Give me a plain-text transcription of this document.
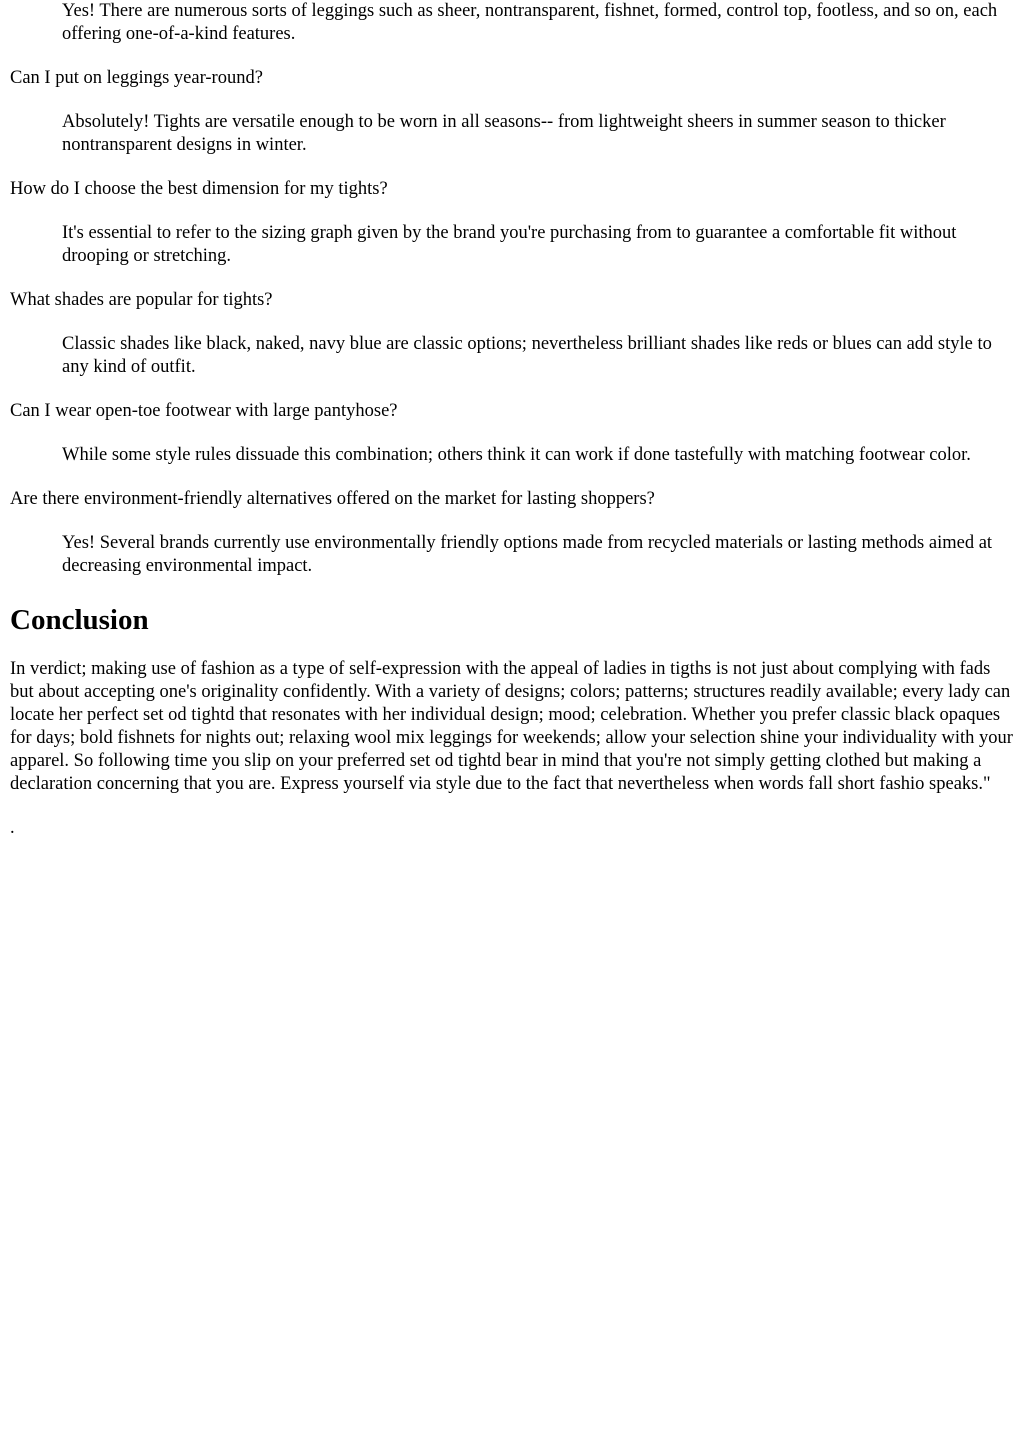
Yes! There are numerous sorts of leggings such as sheer, nontransparent, fishnet, formed, control top, footless, and so on, each offering one-of-a-kind features.
Can I put on leggings year-round?
Absolutely! Tights are versatile enough to be worn in all seasons-- from lightweight sheers in summer season to thicker nontransparent designs in winter.
How do I choose the best dimension for my tights?
It's essential to refer to the sizing graph given by the brand you're purchasing from to guarantee a comfortable fit without drooping or stretching.
What shades are popular for tights?
Classic shades like black, naked, navy blue are classic options; nevertheless brilliant shades like reds or blues can add style to any kind of outfit.
Can I wear open-toe footwear with large pantyhose?
While some style rules dissuade this combination; others think it can work if done tastefully with matching footwear color.
Are there environment-friendly alternatives offered on the market for lasting shoppers?
Yes! Several brands currently use environmentally friendly options made from recycled materials or lasting methods aimed at decreasing environmental impact.
Conclusion

In verdict; making use of fashion as a type of self-expression with the appeal of ladies in tigths is not just about complying with fads but about accepting one's originality confidently. With a variety of designs; colors; patterns; structures readily available; every lady can locate her perfect set od tightd that resonates with her individual design; mood; celebration. Whether you prefer classic black opaques for days; bold fishnets for nights out; relaxing wool mix leggings for weekends; allow your selection shine your individuality with your apparel. So following time you slip on your preferred set od tightd bear in mind that you're not simply getting clothed but making a declaration concerning that you are. Express yourself via style due to the fact that nevertheless when words fall short fashio speaks."

.
